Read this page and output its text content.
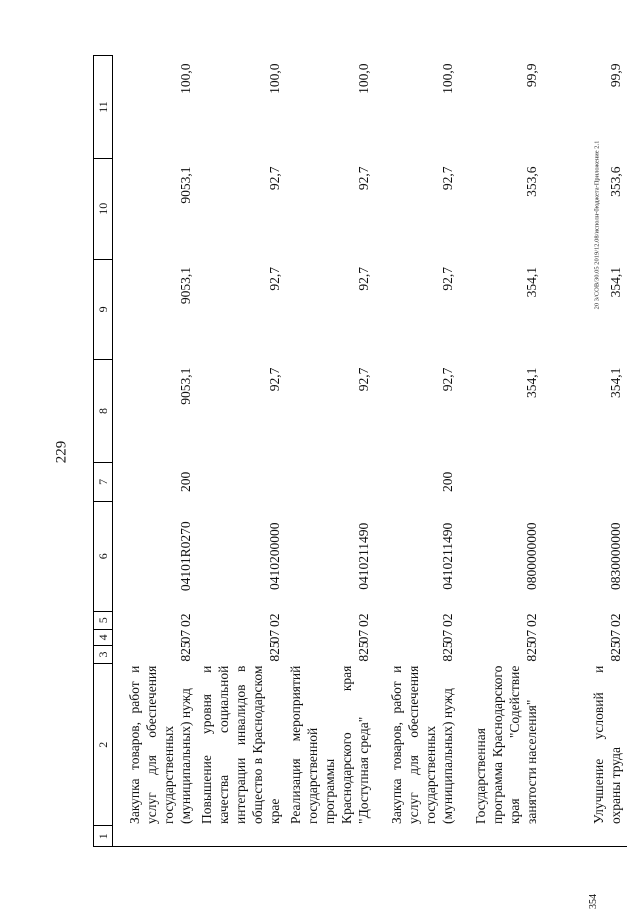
229
20 3/СОВ/30.05 2019/12.08/исполн-бюджета-Приложение 2.1
354
1	2	3	4	5	6	7	8	9	10	11
	Закупка товаров, работ и услуг для обеспечения государственных (муниципальных) нужд	825	07	02	04101R0270	200	9053,1	9053,1	9053,1	100,0
	Повышение уровня и качества социальной интеграции инвалидов в общество в Краснодарском крае	825	07	02	0410200000		92,7	92,7	92,7	100,0
	Реализация мероприятий государственной программы Краснодарского края "Доступная среда"	825	07	02	0410211490		92,7	92,7	92,7	100,0
	Закупка товаров, работ и услуг для обеспечения государственных (муниципальных) нужд	825	07	02	0410211490	200	92,7	92,7	92,7	100,0
	Государственная программа Краснодарского края "Содействие занятости населения"	825	07	02	0800000000		354,1	354,1	353,6	99,9
	Улучшение условий и охраны труда	825	07	02	0830000000		354,1	354,1	353,6	99,9
